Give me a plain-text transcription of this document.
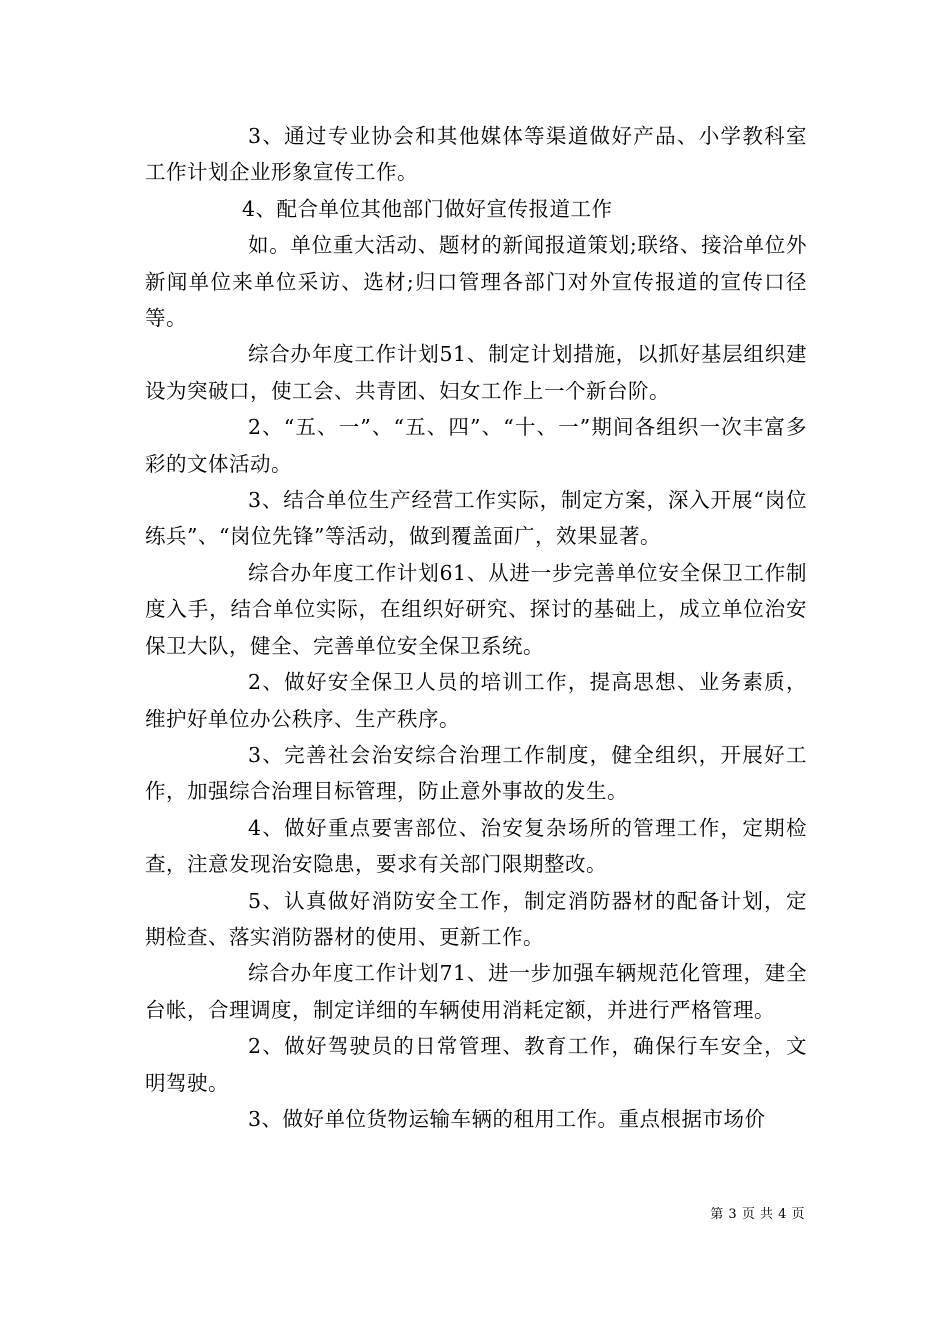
3、通过专业协会和其他媒体等渠道做好产品、小学教科室工作计划企业形象宣传工作。

4、配合单位其他部门做好宣传报道工作

如。单位重大活动、题材的新闻报道策划;联络、接洽单位外新闻单位来单位采访、选材;归口管理各部门对外宣传报道的宣传口径等。

综合办年度工作计划51、制定计划措施，以抓好基层组织建设为突破口，使工会、共青团、妇女工作上一个新台阶。

2、“五、一”、“五、四”、“十、一”期间各组织一次丰富多彩的文体活动。

3、结合单位生产经营工作实际，制定方案，深入开展“岗位练兵”、“岗位先锋”等活动，做到覆盖面广，效果显著。

综合办年度工作计划61、从进一步完善单位安全保卫工作制度入手，结合单位实际，在组织好研究、探讨的基础上，成立单位治安保卫大队，健全、完善单位安全保卫系统。

2、做好安全保卫人员的培训工作，提高思想、业务素质，维护好单位办公秩序、生产秩序。

3、完善社会治安综合治理工作制度，健全组织，开展好工作，加强综合治理目标管理，防止意外事故的发生。

4、做好重点要害部位、治安复杂场所的管理工作，定期检查，注意发现治安隐患，要求有关部门限期整改。

5、认真做好消防安全工作，制定消防器材的配备计划，定期检查、落实消防器材的使用、更新工作。

综合办年度工作计划71、进一步加强车辆规范化管理，建全台帐，合理调度，制定详细的车辆使用消耗定额，并进行严格管理。

2、做好驾驶员的日常管理、教育工作，确保行车安全，文明驾驶。

3、做好单位货物运输车辆的租用工作。重点根据市场价

第 3 页 共 4 页
